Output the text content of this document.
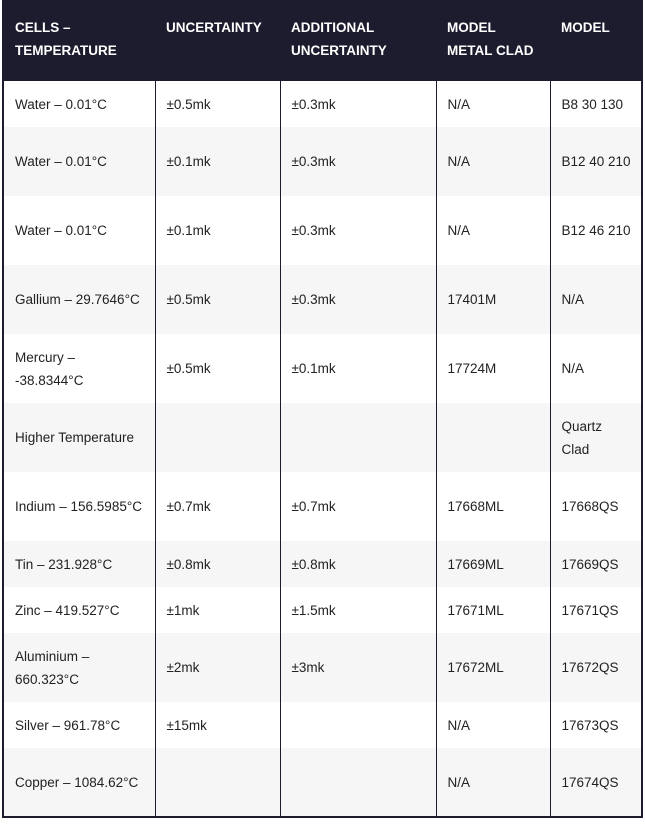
CELLS – TEMPERATURE	UNCERTAINTY	ADDITIONAL UNCERTAINTY	MODEL METAL CLAD	MODEL
Water – 0.01°C	±0.5mk	±0.3mk	N/A	B8 30 130
Water – 0.01°C	±0.1mk	±0.3mk	N/A	B12 40 210
Water – 0.01°C	±0.1mk	±0.3mk	N/A	B12 46 210
Gallium – 29.7646°C	±0.5mk	±0.3mk	17401M	N/A
Mercury – -38.8344°C	±0.5mk	±0.1mk	17724M	N/A
Higher Temperature				Quartz Clad
Indium – 156.5985°C	±0.7mk	±0.7mk	17668ML	17668QS
Tin – 231.928°C	±0.8mk	±0.8mk	17669ML	17669QS
Zinc – 419.527°C	±1mk	±1.5mk	17671ML	17671QS
Aluminium – 660.323°C	±2mk	±3mk	17672ML	17672QS
Silver – 961.78°C	±15mk		N/A	17673QS
Copper – 1084.62°C			N/A	17674QS
